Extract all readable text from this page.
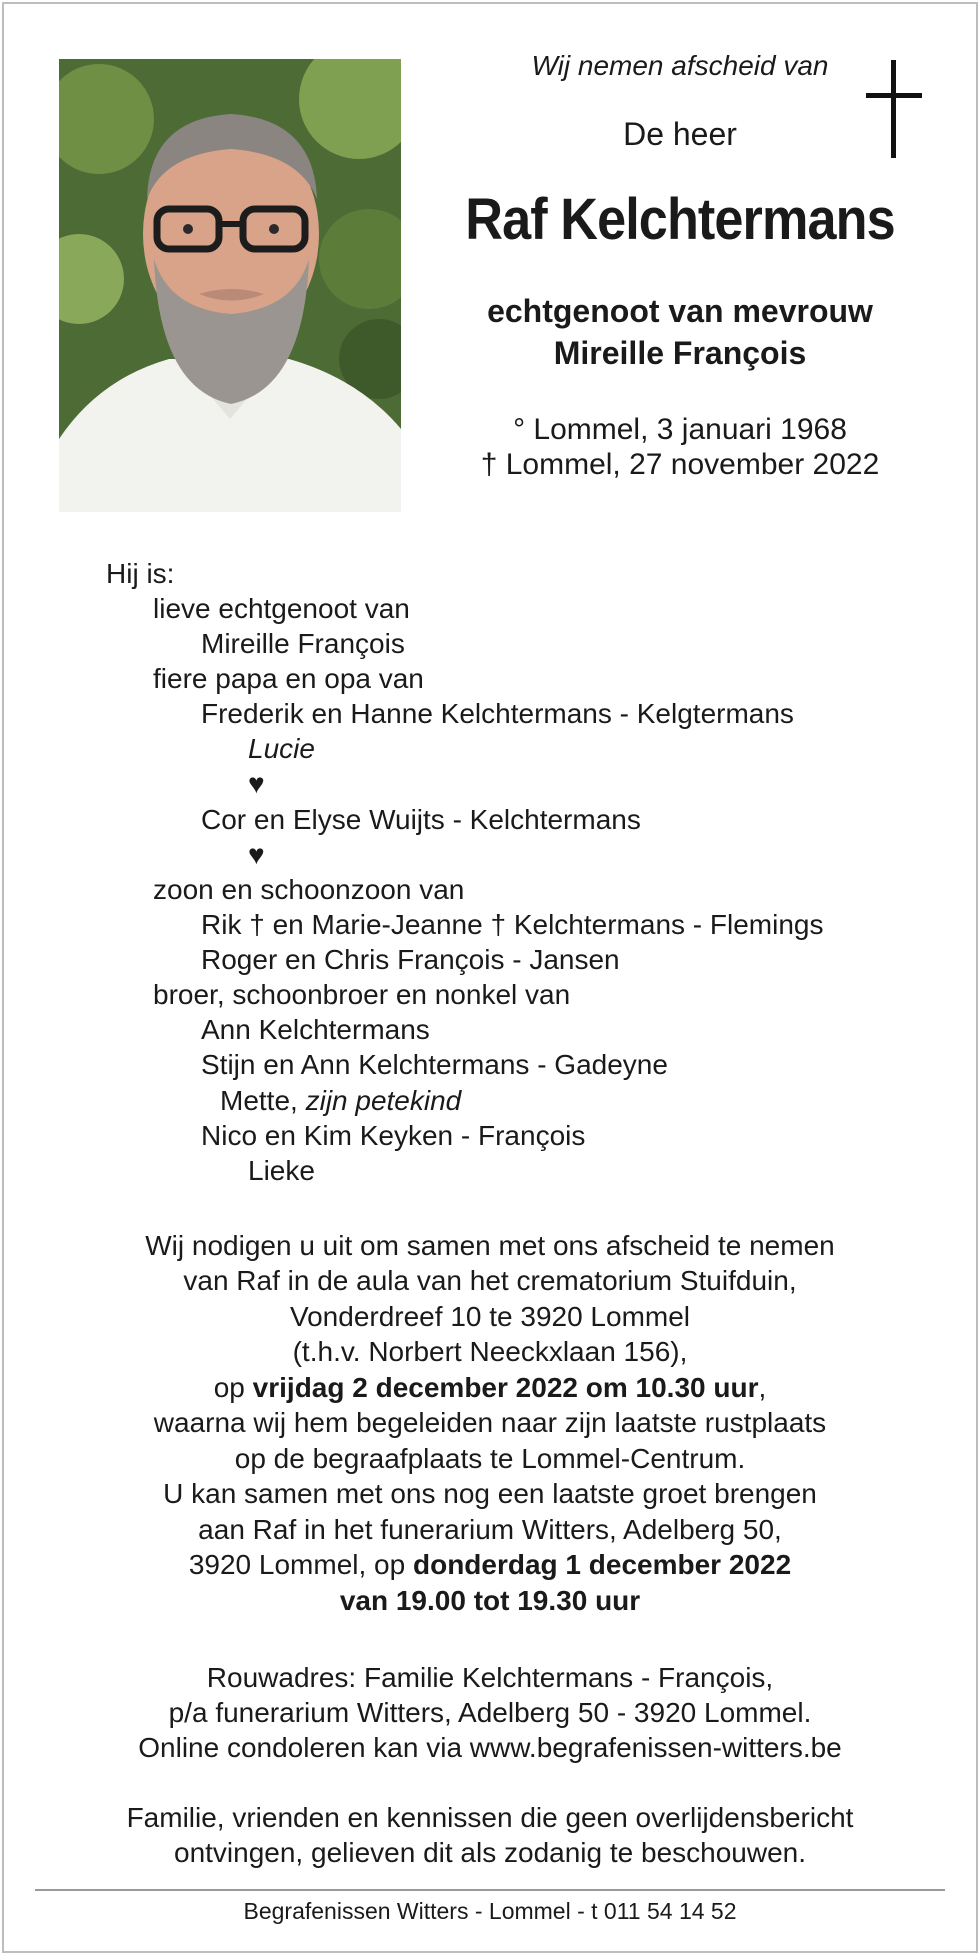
Wij nemen afscheid van
De heer
Raf Kelchtermans
echtgenoot van mevrouw
Mireille François
° Lommel, 3 januari 1968
† Lommel, 27 november 2022
Hij is:
lieve echtgenoot van
Mireille François
fiere papa en opa van
Frederik en Hanne Kelchtermans - Kelgtermans
Lucie
♥
Cor en Elyse Wuijts - Kelchtermans
♥
zoon en schoonzoon van
Rik † en Marie-Jeanne † Kelchtermans - Flemings
Roger en Chris François - Jansen
broer, schoonbroer en nonkel van
Ann Kelchtermans
Stijn en Ann Kelchtermans - Gadeyne
Mette, zijn petekind
Nico en Kim Keyken - François
Lieke
Wij nodigen u uit om samen met ons afscheid te nemen
van Raf in de aula van het crematorium Stuifduin,
Vonderdreef 10 te 3920 Lommel
(t.h.v. Norbert Neeckxlaan 156),
op vrijdag 2 december 2022 om 10.30 uur,
waarna wij hem begeleiden naar zijn laatste rustplaats
op de begraafplaats te Lommel-Centrum.
U kan samen met ons nog een laatste groet brengen
aan Raf in het funerarium Witters, Adelberg 50,
3920 Lommel, op donderdag 1 december 2022
van 19.00 tot 19.30 uur
Rouwadres: Familie Kelchtermans - François,
p/a funerarium Witters, Adelberg 50 - 3920 Lommel.
Online condoleren kan via www.begrafenissen-witters.be
Familie, vrienden en kennissen die geen overlijdensbericht
ontvingen, gelieven dit als zodanig te beschouwen.
Begrafenissen Witters - Lommel - t 011 54 14 52
